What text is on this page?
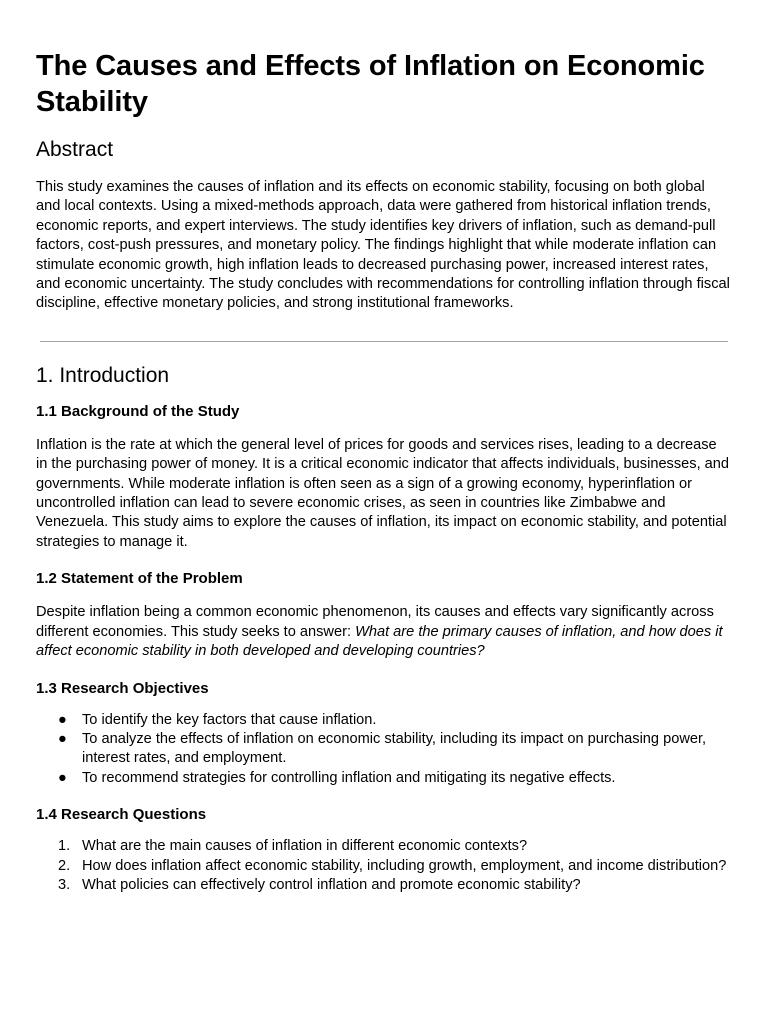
The Causes and Effects of Inflation on Economic Stability
Abstract

This study examines the causes of inflation and its effects on economic stability, focusing on both global and local contexts. Using a mixed-methods approach, data were gathered from historical inflation trends, economic reports, and expert interviews. The study identifies key drivers of inflation, such as demand-pull factors, cost-push pressures, and monetary policy. The findings highlight that while moderate inflation can stimulate economic growth, high inflation leads to decreased purchasing power, increased interest rates, and economic uncertainty. The study concludes with recommendations for controlling inflation through fiscal discipline, effective monetary policies, and strong institutional frameworks.

1. Introduction
1.1 Background of the Study

Inflation is the rate at which the general level of prices for goods and services rises, leading to a decrease in the purchasing power of money. It is a critical economic indicator that affects individuals, businesses, and governments. While moderate inflation is often seen as a sign of a growing economy, hyperinflation or uncontrolled inflation can lead to severe economic crises, as seen in countries like Zimbabwe and Venezuela. This study aims to explore the causes of inflation, its impact on economic stability, and potential strategies to manage it.

1.2 Statement of the Problem

Despite inflation being a common economic phenomenon, its causes and effects vary significantly across different economies. This study seeks to answer: What are the primary causes of inflation, and how does it affect economic stability in both developed and developing countries?

1.3 Research Objectives
● To identify the key factors that cause inflation.
● To analyze the effects of inflation on economic stability, including its impact on purchasing power, interest rates, and employment.
● To recommend strategies for controlling inflation and mitigating its negative effects.
1.4 Research Questions
1. What are the main causes of inflation in different economic contexts?
2. How does inflation affect economic stability, including growth, employment, and income distribution?
3. What policies can effectively control inflation and promote economic stability?
